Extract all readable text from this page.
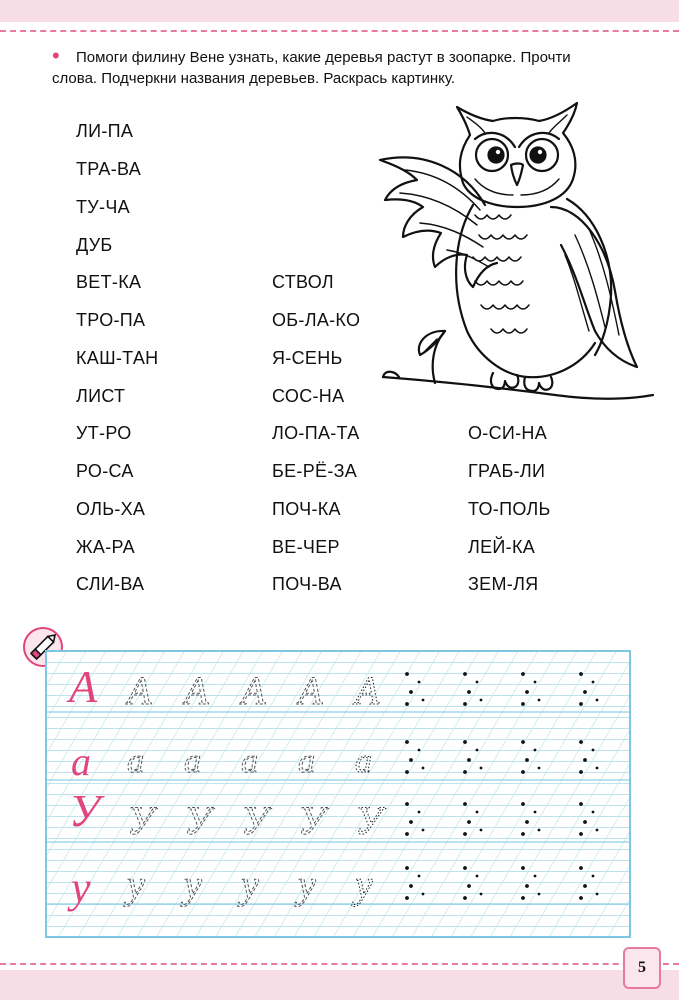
• Помоги филину Вене узнать, какие деревья растут в зоопарке. Прочти
слова. Подчеркни названия деревьев. Раскрась картинку.
ЛИ-ПА
ТРА-ВА
ТУ-ЧА
ДУБ
ВЕТ-КА
ТРО-ПА
КАШ-ТАН
ЛИСТ
УТ-РО
РО-СА
ОЛЬ-ХА
ЖА-РА
СЛИ-ВА
СТВОЛ
ОБ-ЛА-КО
Я-СЕНЬ
СОС-НА
ЛО-ПА-ТА
БЕ-РЁ-ЗА
ПОЧ-КА
ВЕ-ЧЕР
ПОЧ-ВА
О-СИ-НА
ГРАБ-ЛИ
ТО-ПОЛЬ
ЛЕЙ-КА
ЗЕМ-ЛЯ
А А А А А
а а а а а
У У У У У
у у у у у
А
а
У
у
5
